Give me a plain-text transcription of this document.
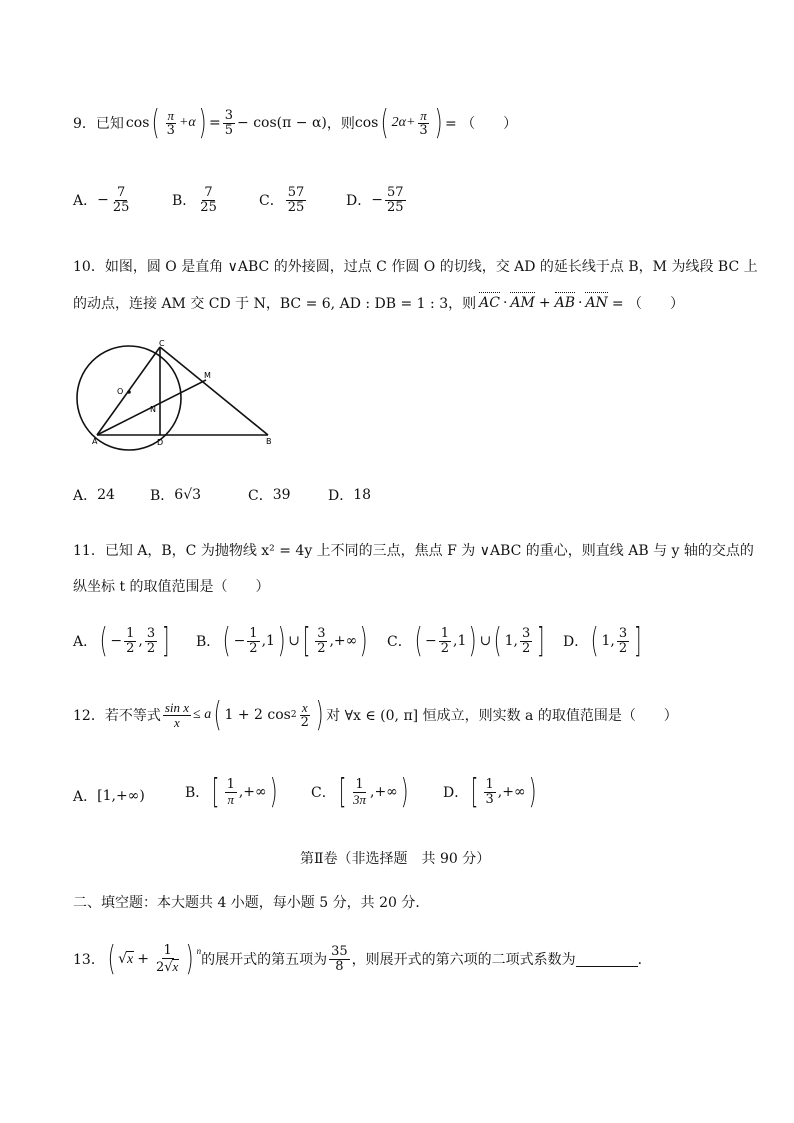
9． 已知 cos ( $\frac{\pi}{3} +\alpha$ ) = $\frac{3}{5} - \cos(\pi - \alpha)$ ，则 cos ( $2\alpha+ \frac{\pi}{3}$ ) = （　　）
A． − $\frac{7}{25}$	B． $\frac{7}{25}$	C． $\frac{57}{25}$	D． − $\frac{57}{25}$
10．如图，圆 O 是直角 ∨ABC 的外接圆，过点 C 作圆 O 的切线，交 AD 的延长线于点 B，M 为线段 BC 上
的动点，连接 AM 交 CD 于 N，BC = 6, AD : DB = 1 : 3，则 AC · AM + AB · AN = （　　）
C
M
O
N
A	D	B
A． 24	B． 6√3	C． 39	D． 18
11．已知 A，B，C 为抛物线 x² = 4y 上不同的三点，焦点 F 为 ∨ABC 的重心，则直线 AB 与 y 轴的交点的
纵坐标 t 的取值范围是（　　）
A． ( − $\frac{1}{2}$ , $\frac{3}{2}$ ] B． ( − $\frac{1}{2} ,1$ ) ∪ [ $\frac{3}{2}$ ,+∞ ) C． ( − $\frac{1}{2} ,1$ ) ∪ ( 1, $\frac{3}{2}$ ] D． ( 1, $\frac{3}{2}$ ]
12．若不等式 $\frac{\text{sin x}}{x} \le a$ ( 1 + 2 $\cos 2 \frac{x}{2}$ ) 对 ∀x ∈ (0, π] 恒成立，则实数 a 的取值范围是（　　）
A． [1,+∞)	B． [ $\frac{1}{\pi}$ ,+∞ ) C． [ $\frac{1}{3\pi}$ ,+∞ ) D． [ $\frac{1}{3}$ ,+∞ )
第Ⅱ卷（非选择题　共 90 分）
二、填空题：本大题共 4 小题，每小题 5 分，共 20 分．
13． ( √ $x + \frac{1}{2√x}$ ) $^n$
的展开式的第五项为 $\frac{35}{8}$ ，则展开式的第六项的二项式系数为	．
